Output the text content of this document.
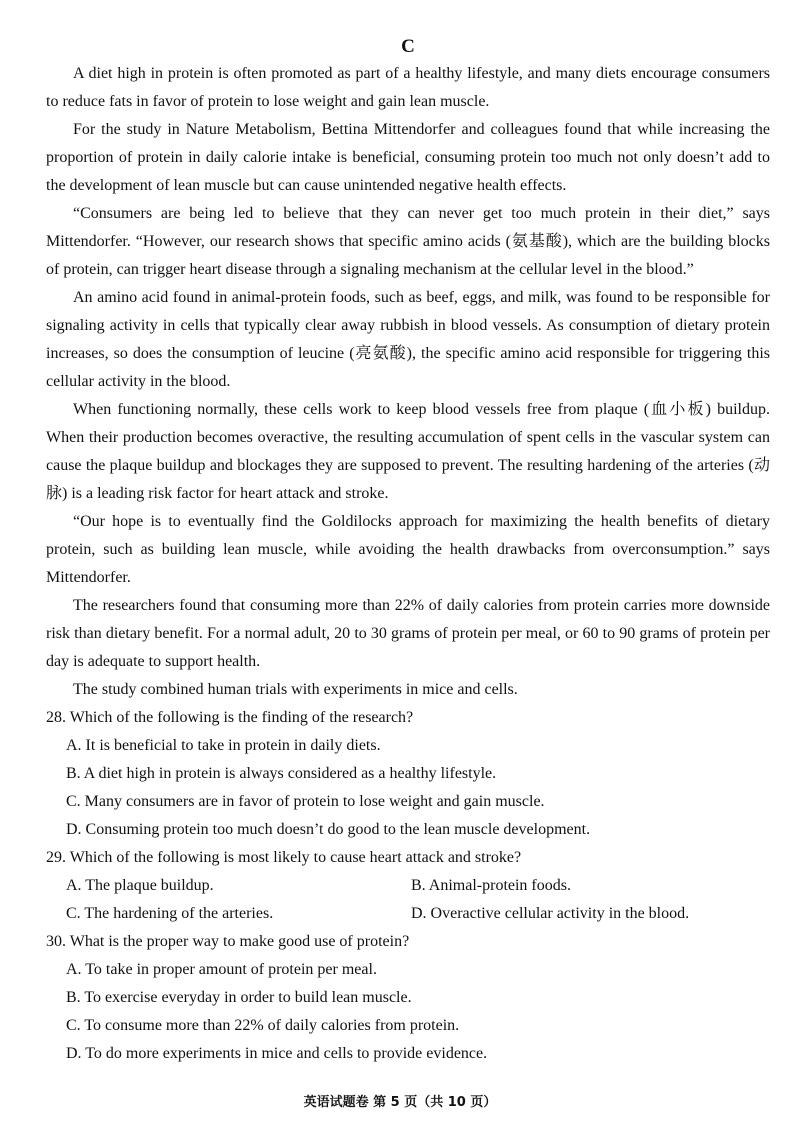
C

A diet high in protein is often promoted as part of a healthy lifestyle, and many diets encourage consumers to reduce fats in favor of protein to lose weight and gain lean muscle.

For the study in Nature Metabolism, Bettina Mittendorfer and colleagues found that while increasing the proportion of protein in daily calorie intake is beneficial, consuming protein too much not only doesn’t add to the development of lean muscle but can cause unintended negative health effects.

“Consumers are being led to believe that they can never get too much protein in their diet,” says Mittendorfer. “However, our research shows that specific amino acids (氨基酸), which are the building blocks of protein, can trigger heart disease through a signaling mechanism at the cellular level in the blood.”

An amino acid found in animal-protein foods, such as beef, eggs, and milk, was found to be responsible for signaling activity in cells that typically clear away rubbish in blood vessels. As consumption of dietary protein increases, so does the consumption of leucine (亮氨酸), the specific amino acid responsible for triggering this cellular activity in the blood.

When functioning normally, these cells work to keep blood vessels free from plaque (血小板) buildup. When their production becomes overactive, the resulting accumulation of spent cells in the vascular system can cause the plaque buildup and blockages they are supposed to prevent. The resulting hardening of the arteries (动脉) is a leading risk factor for heart attack and stroke.

“Our hope is to eventually find the Goldilocks approach for maximizing the health benefits of dietary protein, such as building lean muscle, while avoiding the health drawbacks from overconsumption.” says Mittendorfer.

The researchers found that consuming more than 22% of daily calories from protein carries more downside risk than dietary benefit. For a normal adult, 20 to 30 grams of protein per meal, or 60 to 90 grams of protein per day is adequate to support health.

The study combined human trials with experiments in mice and cells.

28. Which of the following is the finding of the research?

A. It is beneficial to take in protein in daily diets.

B. A diet high in protein is always considered as a healthy lifestyle.

C. Many consumers are in favor of protein to lose weight and gain muscle.

D. Consuming protein too much doesn’t do good to the lean muscle development.

29. Which of the following is most likely to cause heart attack and stroke?

A. The plaque buildup.	B. Animal-protein foods.
C. The hardening of the arteries.	D. Overactive cellular activity in the blood.

30. What is the proper way to make good use of protein?

A. To take in proper amount of protein per meal.

B. To exercise everyday in order to build lean muscle.

C. To consume more than 22% of daily calories from protein.

D. To do more experiments in mice and cells to provide evidence.

英语试题卷 第 5 页（共 10 页）
